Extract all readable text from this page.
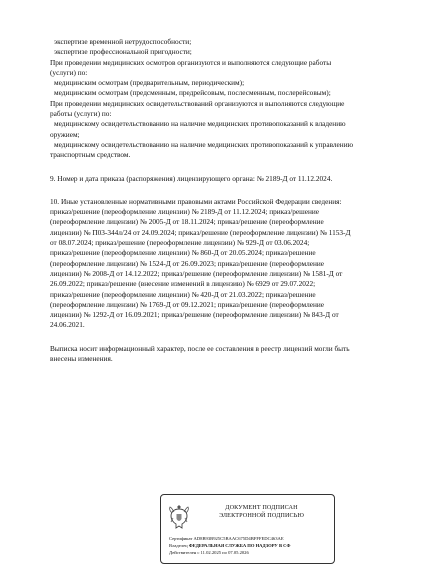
экспертизе временной нетрудоспособности;
экспертизе профессиональной пригодности;
При проведении медицинских осмотров организуются и выполняются следующие работы
(услуги) по:
медицинским осмотрам (предварительным, периодическим);
медицинским осмотрам (предсменным, предрейсовым, послесменным, послерейсовым);
При проведении медицинских освидетельствований организуются и выполняются следующие
работы (услуги) по:
медицинскому освидетельствованию на наличие медицинских противопоказаний к владению
оружием;
медицинскому освидетельствованию на наличие медицинских противопоказаний к управлению
транспортным средством.
9. Номер и дата приказа (распоряжения) лицензирующего органа: № 2189-Д от 11.12.2024.
10. Иные установленные нормативными правовыми актами Российской Федерации сведения:
приказ/решение (переоформление лицензии) № 2189-Д от 11.12.2024; приказ/решение
(переоформление лицензии) № 2005-Д от 18.11.2024; приказ/решение (переоформление
лицензии) № П03-344л/24 от 24.09.2024; приказ/решение (переоформление лицензии) № 1153-Д
от 08.07.2024; приказ/решение (переоформление лицензии) № 929-Д от 03.06.2024;
приказ/решение (переоформление лицензии) № 860-Д от 20.05.2024; приказ/решение
(переоформление лицензии) № 1524-Д от 26.09.2023; приказ/решение (переоформление
лицензии) № 2008-Д от 14.12.2022; приказ/решение (переоформление лицензии) № 1581-Д от
26.09.2022; приказ/решение (внесение изменений в лицензию) № 6929 от 29.07.2022;
приказ/решение (переоформление лицензии) № 420-Д от 21.03.2022; приказ/решение
(переоформление лицензии) № 1769-Д от 09.12.2021; приказ/решение (переоформление
лицензии) № 1292-Д от 16.09.2021; приказ/решение (переоформление лицензии) № 843-Д от
24.06.2021.
Выписка носит информационный характер, после ее составления в реестр лицензий могли быть
внесены изменения.
ДОКУМЕНТ ПОДПИСАН
ЭЛЕКТРОННОЙ ПОДПИСЬЮ
Сертификат AD8B93B925C5BAAC675D4BFFFEDC463AE
Владелец ФЕДЕРАЛЬНАЯ СЛУЖБА ПО НАДЗОРУ В СФ
Действителен с 11.02.2025 по 07.05.2026
